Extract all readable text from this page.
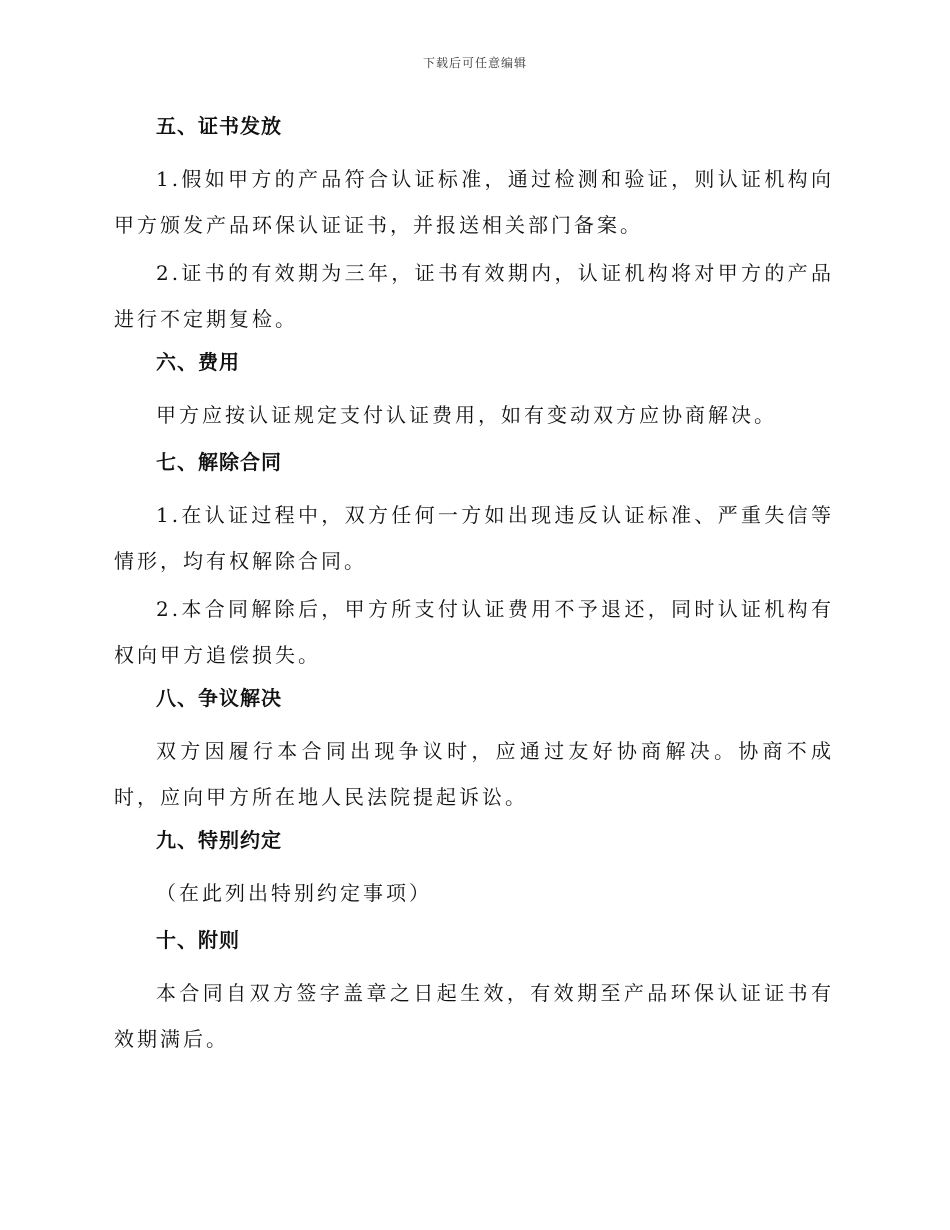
下载后可任意编辑
五、证书发放

1.假如甲方的产品符合认证标准，通过检测和验证，则认证机构向甲方颁发产品环保认证证书，并报送相关部门备案。

2.证书的有效期为三年，证书有效期内，认证机构将对甲方的产品进行不定期复检。

六、费用

甲方应按认证规定支付认证费用，如有变动双方应协商解决。

七、解除合同

1.在认证过程中，双方任何一方如出现违反认证标准、严重失信等情形，均有权解除合同。

2.本合同解除后，甲方所支付认证费用不予退还，同时认证机构有权向甲方追偿损失。

八、争议解决

双方因履行本合同出现争议时，应通过友好协商解决。协商不成时，应向甲方所在地人民法院提起诉讼。

九、特别约定

（在此列出特别约定事项）

十、附则

本合同自双方签字盖章之日起生效，有效期至产品环保认证证书有效期满后。
